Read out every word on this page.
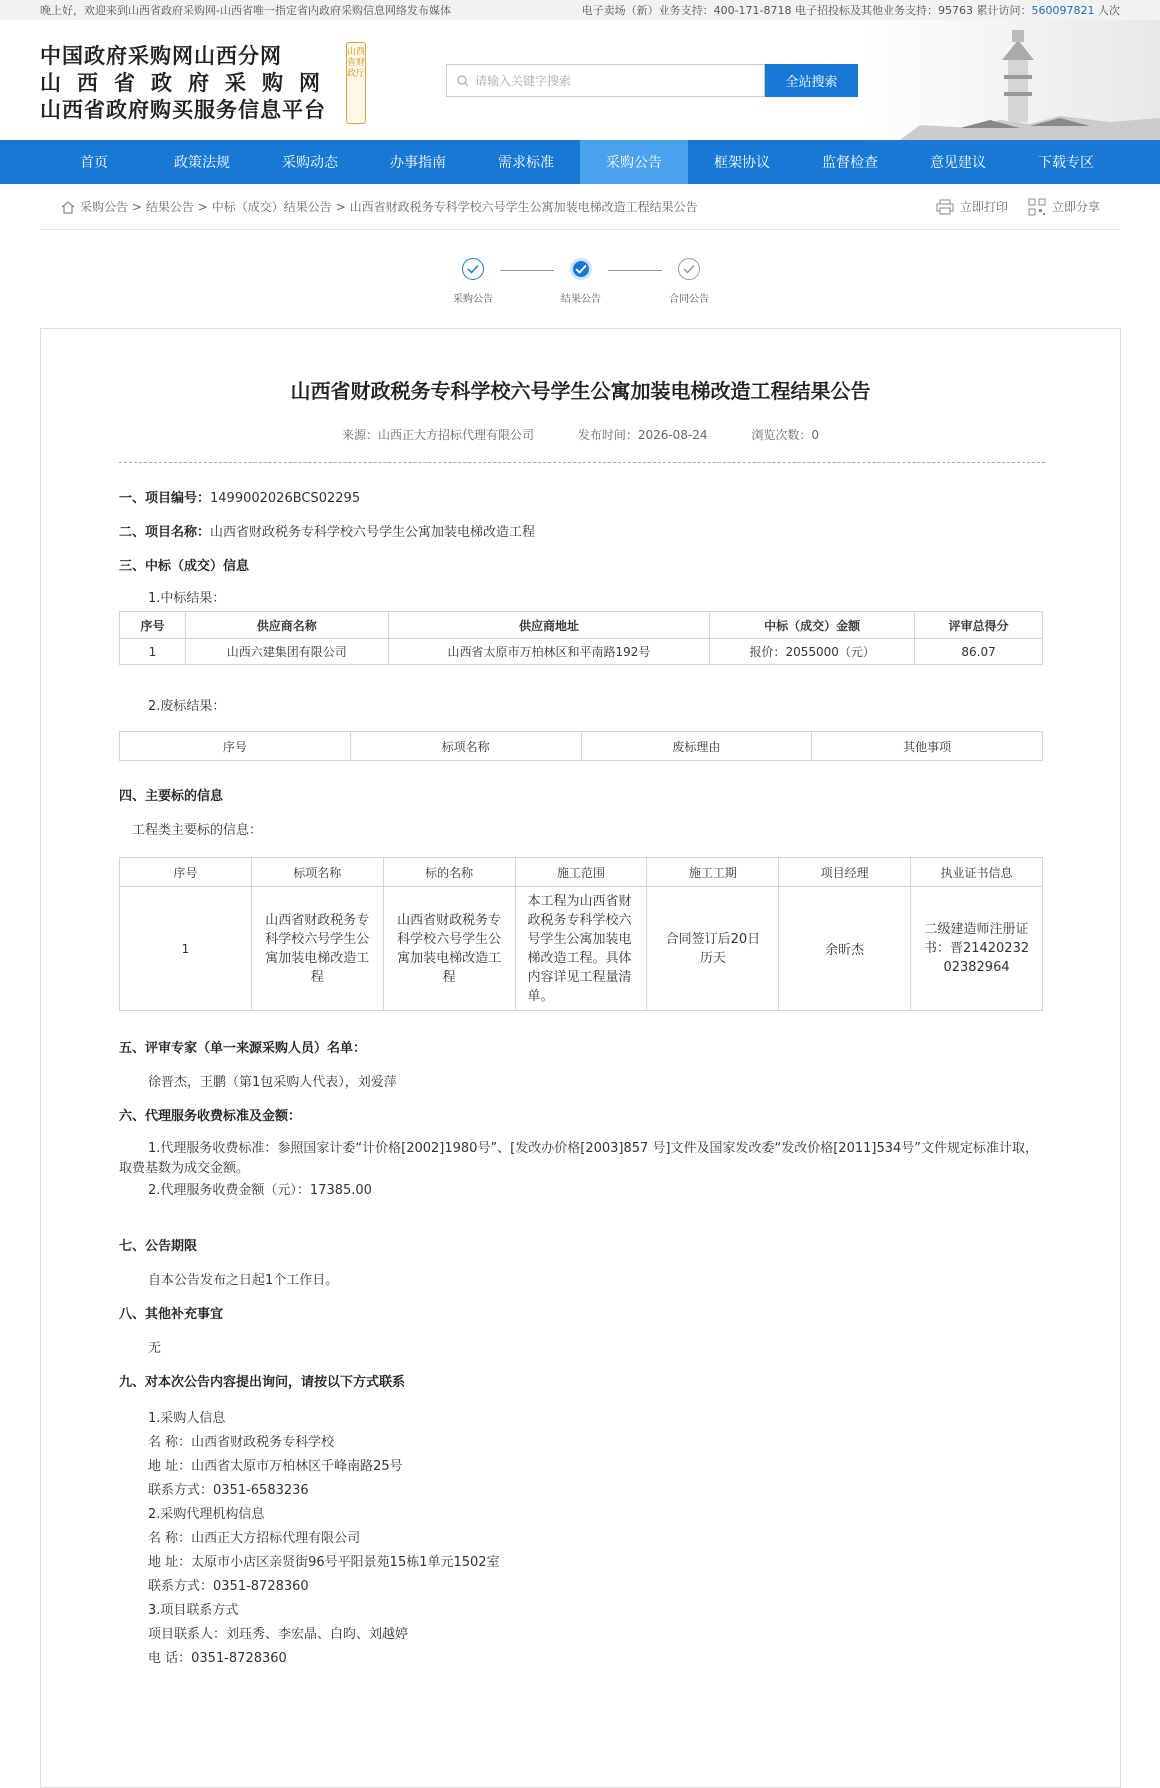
晚上好，欢迎来到山西省政府采购网-山西省唯一指定省内政府采购信息网络发布媒体	电子卖场（新）业务支持：400-171-8718 电子招投标及其他业务支持：95763 累计访问：560097821 人次
中国政府采购网山西分网
山西省政府采购网
山西省政府购买服务信息平台
山西省财政厅	请输入关键字搜索	全站搜索
首页	政策法规	采购动态	办事指南	需求标准	采购公告	框架协议	监督检查	意见建议	下载专区
采购公告 > 结果公告 > 中标（成交）结果公告 > 山西省财政税务专科学校六号学生公寓加装电梯改造工程结果公告	立即打印	立即分享
采购公告	结果公告	合同公告
山西省财政税务专科学校六号学生公寓加装电梯改造工程结果公告
来源：山西正大方招标代理有限公司	发布时间：2026-08-24	浏览次数：0
一、项目编号：1499002026BCS02295
二、项目名称：山西省财政税务专科学校六号学生公寓加装电梯改造工程
三、中标（成交）信息
1.中标结果：
序号	供应商名称	供应商地址	中标（成交）金额	评审总得分
1	山西六建集团有限公司	山西省太原市万柏林区和平南路192号	报价：2055000（元）	86.07
2.废标结果：
序号	标项名称	废标理由	其他事项
四、主要标的信息
工程类主要标的信息：
序号	标项名称	标的名称	施工范围	施工工期	项目经理	执业证书信息
1	山西省财政税务专科学校六号学生公寓加装电梯改造工程	山西省财政税务专科学校六号学生公寓加装电梯改造工程	本工程为山西省财政税务专科学校六号学生公寓加装电梯改造工程。具体内容详见工程量清单。	合同签订后20日历天	余昕杰	二级建造师注册证书：晋2142023202382964
五、评审专家（单一来源采购人员）名单：
徐晋杰，王鹏（第1包采购人代表），刘爱萍
六、代理服务收费标准及金额：
1.代理服务收费标准：参照国家计委“计价格[2002]1980号”、[发改办价格[2003]857 号]文件及国家发改委“发改价格[2011]534号”文件规定标准计取，取费基数为成交金额。
2.代理服务收费金额（元）：17385.00
七、公告期限
自本公告发布之日起1个工作日。
八、其他补充事宜
无
九、对本次公告内容提出询问，请按以下方式联系
1.采购人信息
名 称：山西省财政税务专科学校
地 址：山西省太原市万柏林区千峰南路25号
联系方式：0351-6583236
2.采购代理机构信息
名 称：山西正大方招标代理有限公司
地 址：太原市小店区亲贤街96号平阳景苑15栋1单元1502室
联系方式：0351-8728360
3.项目联系方式
项目联系人：刘珏秀、李宏晶、白昀、刘越婷
电 话：0351-8728360
